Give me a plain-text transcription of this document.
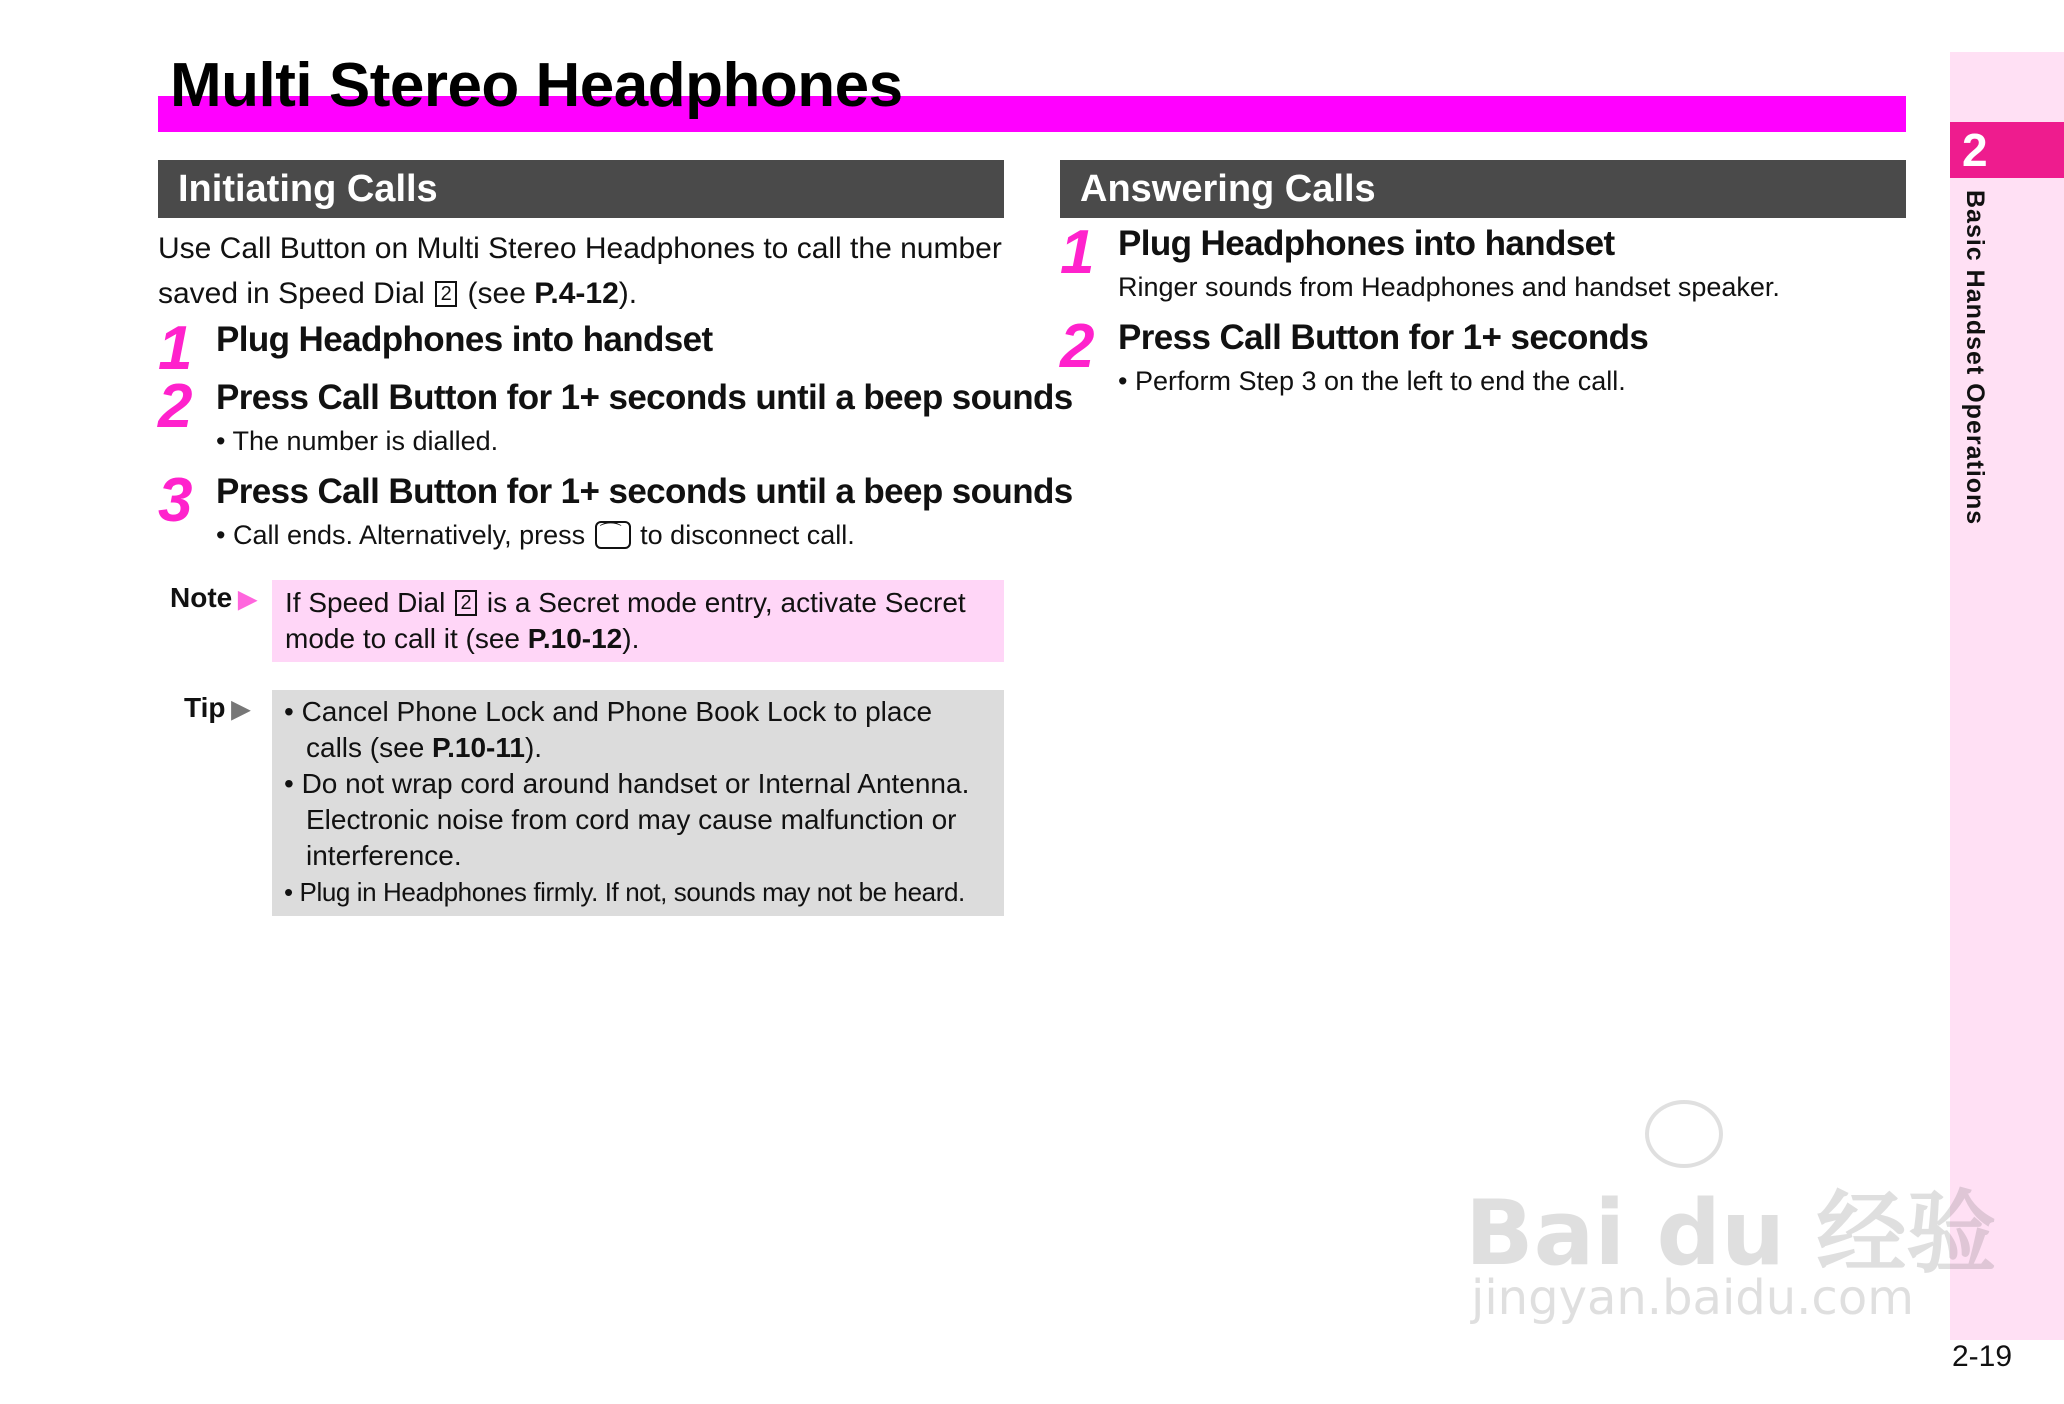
Multi Stereo Headphones
Initiating Calls
Use Call Button on Multi Stereo Headphones to call the number saved in Speed Dial 2 (see P.4-12).
1 Plug Headphones into handset
2 Press Call Button for 1+ seconds until a beep sounds
• The number is dialled.
3 Press Call Button for 1+ seconds until a beep sounds
• Call ends. Alternatively, press ⌒ to disconnect call.
Note ▶	If Speed Dial 2 is a Secret mode entry, activate Secret mode to call it (see P.10-12).
Tip ▶ • Cancel Phone Lock and Phone Book Lock to place calls (see P.10-11).
• Do not wrap cord around handset or Internal Antenna. Electronic noise from cord may cause malfunction or interference.
• Plug in Headphones firmly. If not, sounds may not be heard.
Answering Calls
1 Plug Headphones into handset
Ringer sounds from Headphones and handset speaker.
2 Press Call Button for 1+ seconds
• Perform Step 3 on the left to end the call.
2
Basic Handset Operations
2-19
Bai du 经验
jingyan.baidu.com
